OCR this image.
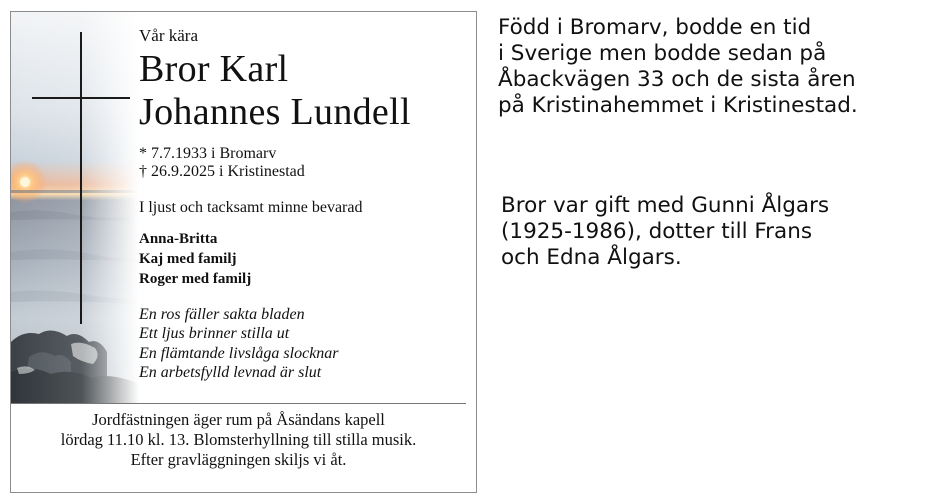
Vår kära
Bror Karl
Johannes Lundell
* 7.7.1933 i Bromarv
† 26.9.2025 i Kristinestad
I ljust och tacksamt minne bevarad
Anna-Britta
Kaj med familj
Roger med familj
En ros fäller sakta bladen
Ett ljus brinner stilla ut
En flämtande livslåga slocknar
En arbetsfylld levnad är slut
Jordfästningen äger rum på Åsändans kapell
lördag 11.10 kl. 13. Blomsterhyllning till stilla musik.
Efter gravläggningen skiljs vi åt.
Född i Bromarv, bodde en tid
i Sverige men bodde sedan på
Åbackvägen 33 och de sista åren
på Kristinahemmet i Kristinestad.
Bror var gift med Gunni Ålgars
(1925-1986), dotter till Frans
och Edna Ålgars.
